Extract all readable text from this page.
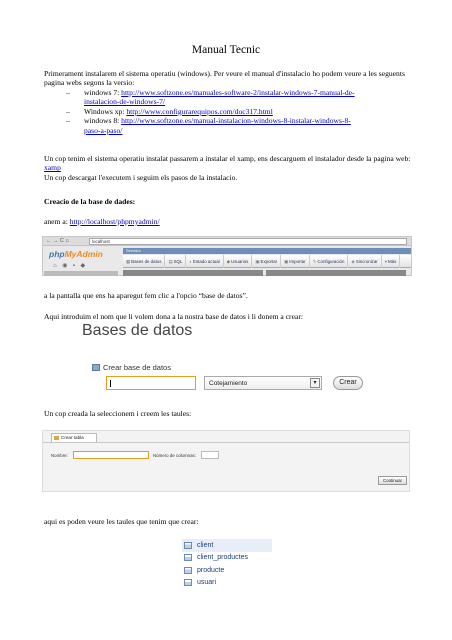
Manual Tecnic
Primerament instalarem el sistema operatiu (windows). Per veure el manual d'instalacio ho podem veure a les seguents pagina webs segons la versio:
– windows 7: http://www.softzone.es/manuales-software-2/instalar-windows-7-manual-de-
instalacion-de-windows-7/
– Windows xp: http://www.configurarequipos.com/doc317.html
– windows 8: http://www.softzone.es/manual-instalacion-windows-8-instalar-windows-8-
paso-a-paso/
Un cop tenim el sistema operatiu instalat passarem a instalar el xamp, ens descarguem el instalador desde la pagina web: xamp
Un cop descargat l'executem i seguim els pasos de la instalacio.
Creacio de la base de dades:
anem a: http://localhost/phpmyadmin/
← → C ⌂	localhost
phpMyAdmin
⌂ ◉ ▪ ◆
Servidor
▦Bases de datos	▤SQL	◐Estado actual	◆Usuarios	▣Exportar	▣Importar	✎Configuración	◈Sincronizar	▾Más
a la pantalla que ens ha aparegut fem clic a l'opcio “base de datos”.
Aqui introduim el nom que li volem dona a la nostra base de datos i li donem a crear:
Bases de datos
Crear base de datos
Cotejamiento	▾	Crear
Un cop creada la seleccionem i creem les taules:
Crear tabla
Nombre:	Número de columnas:
Continuar
aqui es poden veure les taules que tenim que crear:
client
client_productes
producte
usuari
